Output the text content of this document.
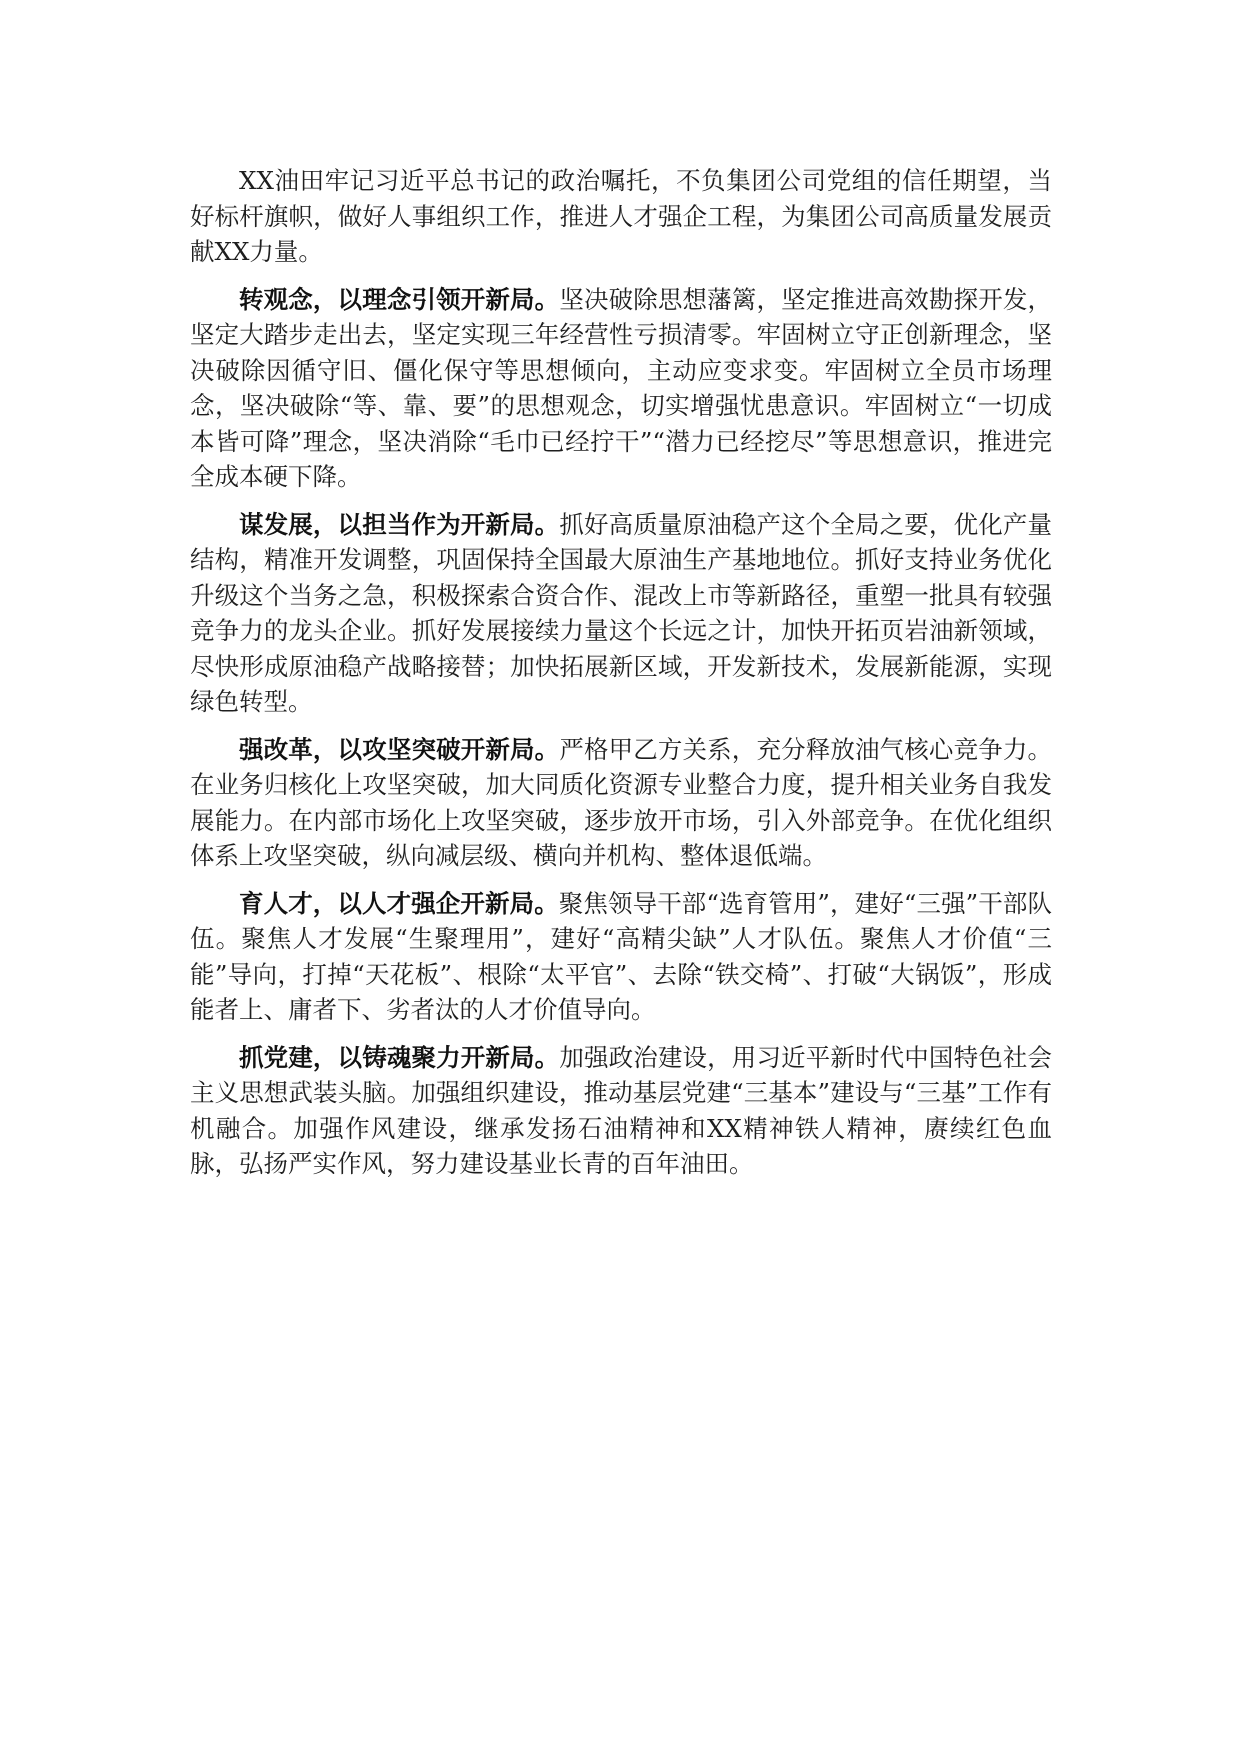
XX油田牢记习近平总书记的政治嘱托，不负集团公司党组的信任期望，当好标杆旗帜，做好人事组织工作，推进人才强企工程，为集团公司高质量发展贡献XX力量。

转观念，以理念引领开新局。坚决破除思想藩篱，坚定推进高效勘探开发，坚定大踏步走出去，坚定实现三年经营性亏损清零。牢固树立守正创新理念，坚决破除因循守旧、僵化保守等思想倾向，主动应变求变。牢固树立全员市场理念，坚决破除“等、靠、要”的思想观念，切实增强忧患意识。牢固树立“一切成本皆可降”理念，坚决消除“毛巾已经拧干”“潜力已经挖尽”等思想意识，推进完全成本硬下降。

谋发展，以担当作为开新局。抓好高质量原油稳产这个全局之要，优化产量结构，精准开发调整，巩固保持全国最大原油生产基地地位。抓好支持业务优化升级这个当务之急，积极探索合资合作、混改上市等新路径，重塑一批具有较强竞争力的龙头企业。抓好发展接续力量这个长远之计，加快开拓页岩油新领域，尽快形成原油稳产战略接替；加快拓展新区域，开发新技术，发展新能源，实现绿色转型。

强改革，以攻坚突破开新局。严格甲乙方关系，充分释放油气核心竞争力。在业务归核化上攻坚突破，加大同质化资源专业整合力度，提升相关业务自我发展能力。在内部市场化上攻坚突破，逐步放开市场，引入外部竞争。在优化组织体系上攻坚突破，纵向减层级、横向并机构、整体退低端。

育人才，以人才强企开新局。聚焦领导干部“选育管用”，建好“三强”干部队伍。聚焦人才发展“生聚理用”，建好“高精尖缺”人才队伍。聚焦人才价值“三能”导向，打掉“天花板”、根除“太平官”、去除“铁交椅”、打破“大锅饭”，形成能者上、庸者下、劣者汰的人才价值导向。

抓党建，以铸魂聚力开新局。加强政治建设，用习近平新时代中国特色社会主义思想武装头脑。加强组织建设，推动基层党建“三基本”建设与“三基”工作有机融合。加强作风建设，继承发扬石油精神和XX精神铁人精神，赓续红色血脉，弘扬严实作风，努力建设基业长青的百年油田。
